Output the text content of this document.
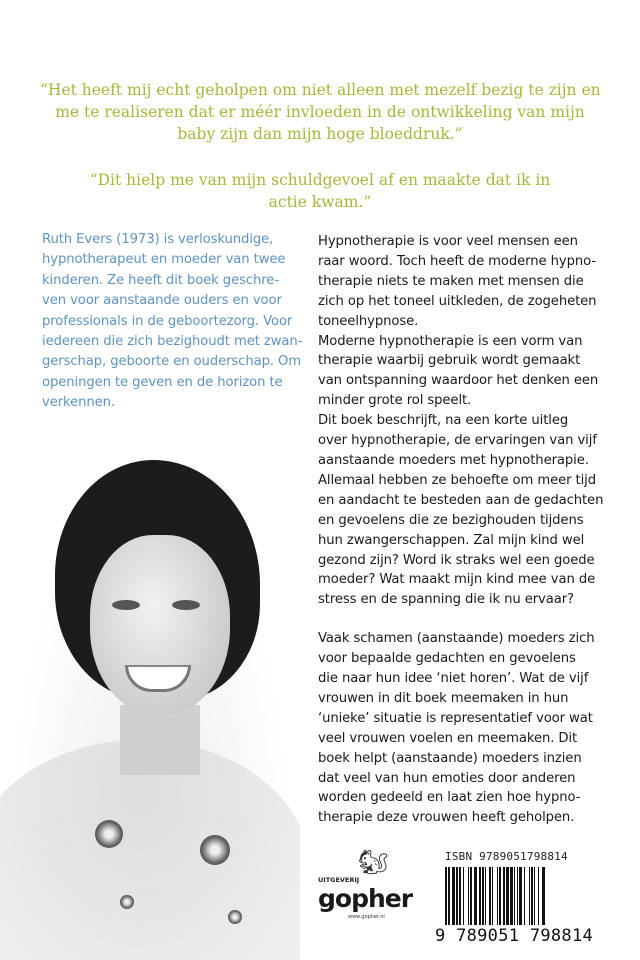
“Het heeft mij echt geholpen om niet alleen met mezelf bezig te zijn en
me te realiseren dat er méér invloeden in de ontwikkeling van mijn
baby zijn dan mijn hoge bloeddruk.”
“Dit hielp me van mijn schuldgevoel af en maakte dat ik in
actie kwam.”
Ruth Evers (1973) is verloskundige,
hypnotherapeut en moeder van twee
kinderen. Ze heeft dit boek geschre-
ven voor aanstaande ouders en voor
professionals in de geboortezorg. Voor
iedereen die zich bezighoudt met zwan-
gerschap, geboorte en ouderschap. Om
openingen te geven en de horizon te
verkennen.
Hypnotherapie is voor veel mensen een
raar woord. Toch heeft de moderne hypno-
therapie niets te maken met mensen die
zich op het toneel uitkleden, de zogeheten
toneelhypnose.
Moderne hypnotherapie is een vorm van
therapie waarbij gebruik wordt gemaakt
van ontspanning waardoor het denken een
minder grote rol speelt.
Dit boek beschrijft, na een korte uitleg
over hypnotherapie, de ervaringen van vijf
aanstaande moeders met hypnotherapie.
Allemaal hebben ze behoefte om meer tijd
en aandacht te besteden aan de gedachten
en gevoelens die ze bezighouden tijdens
hun zwangerschappen. Zal mijn kind wel
gezond zijn? Word ik straks wel een goede
moeder? Wat maakt mijn kind mee van de
stress en de spanning die ik nu ervaar?
Vaak schamen (aanstaande) moeders zich
voor bepaalde gedachten en gevoelens
die naar hun idee ‘niet horen’. Wat de vijf
vrouwen in dit boek meemaken in hun
‘unieke’ situatie is representatief voor wat
veel vrouwen voelen en meemaken. Dit
boek helpt (aanstaande) moeders inzien
dat veel van hun emoties door anderen
worden gedeeld en laat zien hoe hypno-
therapie deze vrouwen heeft geholpen.
🐿
UITGEVERIJ
gopher
www.gopher.nl
ISBN 9789051798814
9 789051 798814
